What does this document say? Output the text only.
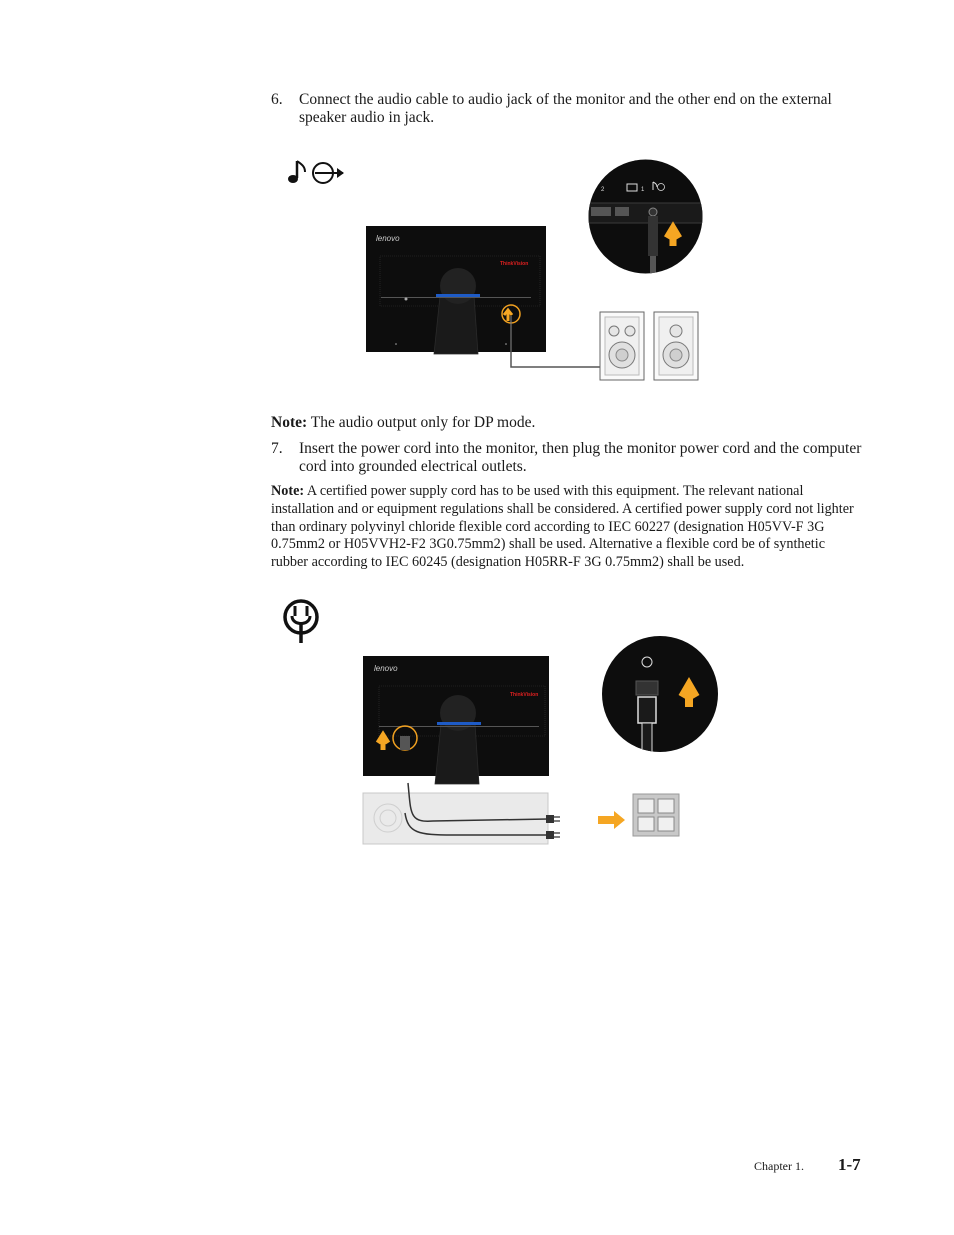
6. Connect the audio cable to audio jack of the monitor and the other end on the external speaker audio in jack.
lenovo
ThinkVision
2	1
Note: The audio output only for DP mode.
7. Insert the power cord into the monitor, then plug the monitor power cord and the computer cord into grounded electrical outlets.
Note: A certified power supply cord has to be used with this equipment. The relevant national installation and or equipment regulations shall be considered. A certified power supply cord not lighter than ordinary polyvinyl chloride flexible cord according to IEC 60227 (designation H05VV-F 3G 0.75mm2 or H05VVH2-F2 3G0.75mm2) shall be used. Alternative a flexible cord be of synthetic rubber according to IEC 60245 (designation H05RR-F 3G 0.75mm2) shall be used.
lenovo
ThinkVision
Chapter 1. 1-7
